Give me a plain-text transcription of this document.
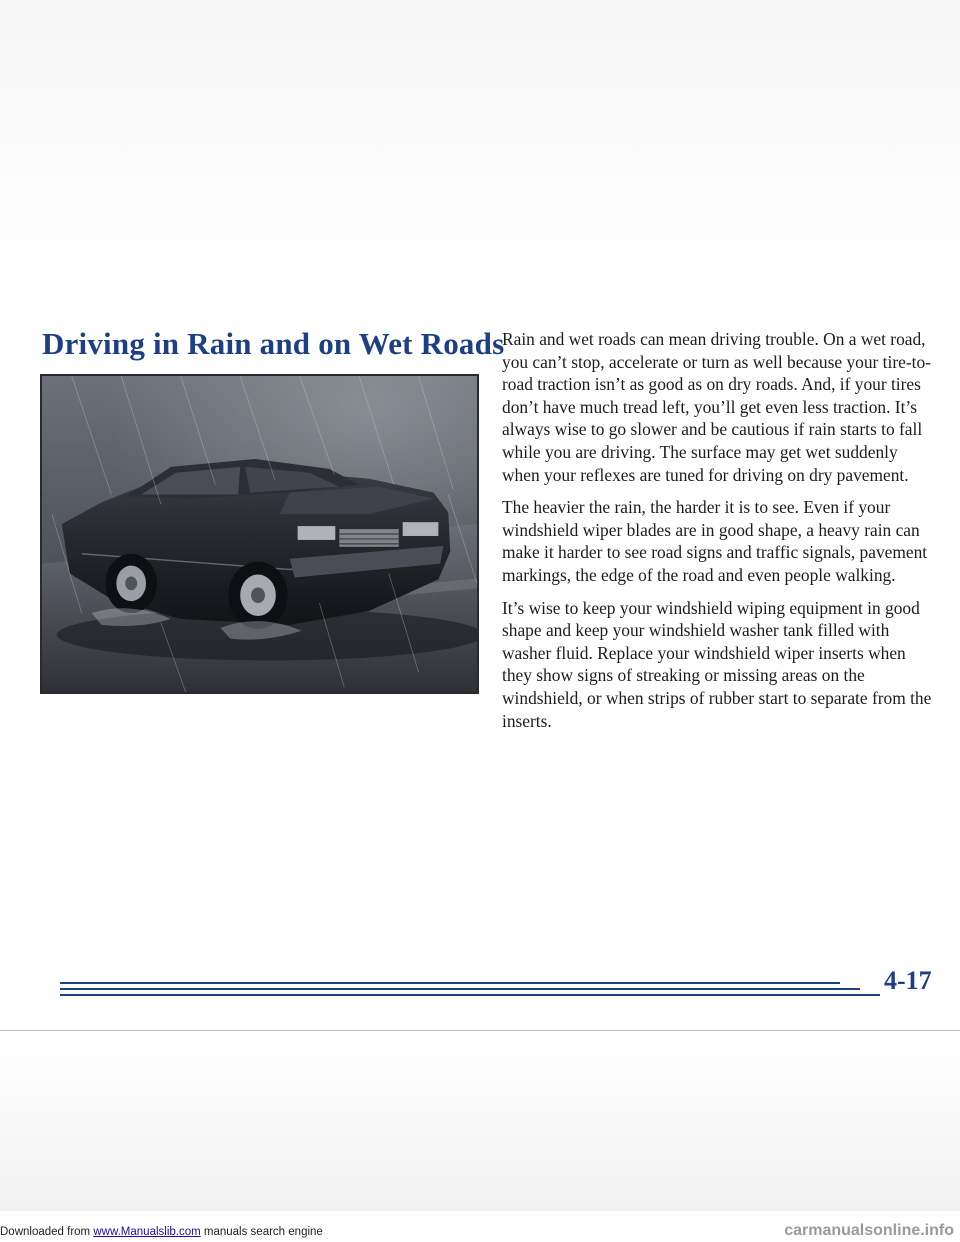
Driving in Rain and on Wet Roads

Rain and wet roads can mean driving trouble. On a wet road, you can’t stop, accelerate or turn as well because your tire-to-road traction isn’t as good as on dry roads. And, if your tires don’t have much tread left, you’ll get even less traction. It’s always wise to go slower and be cautious if rain starts to fall while you are driving. The surface may get wet suddenly when your reflexes are tuned for driving on dry pavement.

The heavier the rain, the harder it is to see. Even if your windshield wiper blades are in good shape, a heavy rain can make it harder to see road signs and traffic signals, pavement markings, the edge of the road and even people walking.

It’s wise to keep your windshield wiping equipment in good shape and keep your windshield washer tank filled with washer fluid. Replace your windshield wiper inserts when they show signs of streaking or missing areas on the windshield, or when strips of rubber start to separate from the inserts.

4-17

Downloaded from www.Manualslib.com manuals search engine	carmanualsonline.info
